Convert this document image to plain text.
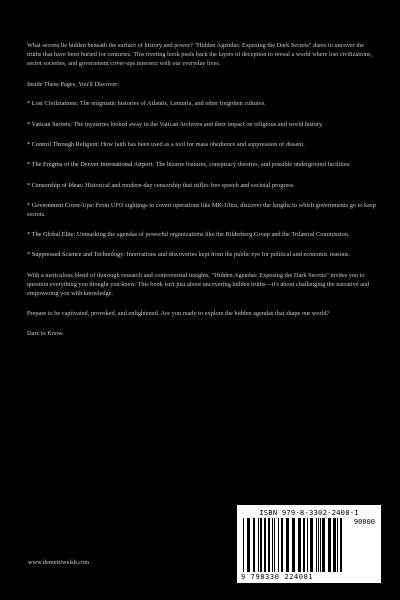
What secrets lie hidden beneath the surface of history and power? "Hidden Agendas: Exposing the Dark Secrets" dares to uncover the truths that have been buried for centuries. This riveting book peels back the layers of deception to reveal a world where lost civilizations, secret societies, and government cover-ups intersect with our everyday lives.

Inside These Pages, You'll Discover:

* Lost Civilizations: The enigmatic histories of Atlantis, Lemuria, and other forgotten cultures.

* Vatican Secrets: The mysteries locked away in the Vatican Archives and their impact on religious and world history.

* Control Through Religion: How faith has been used as a tool for mass obedience and suppression of dissent.

* The Enigma of the Denver International Airport: The bizarre features, conspiracy theories, and possible underground facilities.

* Censorship of Ideas: Historical and modern-day censorship that stifles free speech and societal progress.

* Government Cover-Ups: From UFO sightings to covert operations like MK-Ultra, discover the lengths to which governments go to keep secrets.

* The Global Elite: Unmasking the agendas of powerful organizations like the Bilderberg Group and the Trilateral Commission.

* Suppressed Science and Technology: Innovations and discoveries kept from the public eye for political and economic reasons.

With a meticulous blend of thorough research and controversial insights, "Hidden Agendas: Exposing the Dark Secrets" invites you to question everything you thought you knew. This book isn't just about uncovering hidden truths—it's about challenging the narrative and empowering you with knowledge.

Prepare to be captivated, provoked, and enlightened. Are you ready to explore the hidden agendas that shape our world?

Dare to Know.

www.demetriwelsh.com
ISBN 979-8-3302-2408-1
90000
9 798330 224081
